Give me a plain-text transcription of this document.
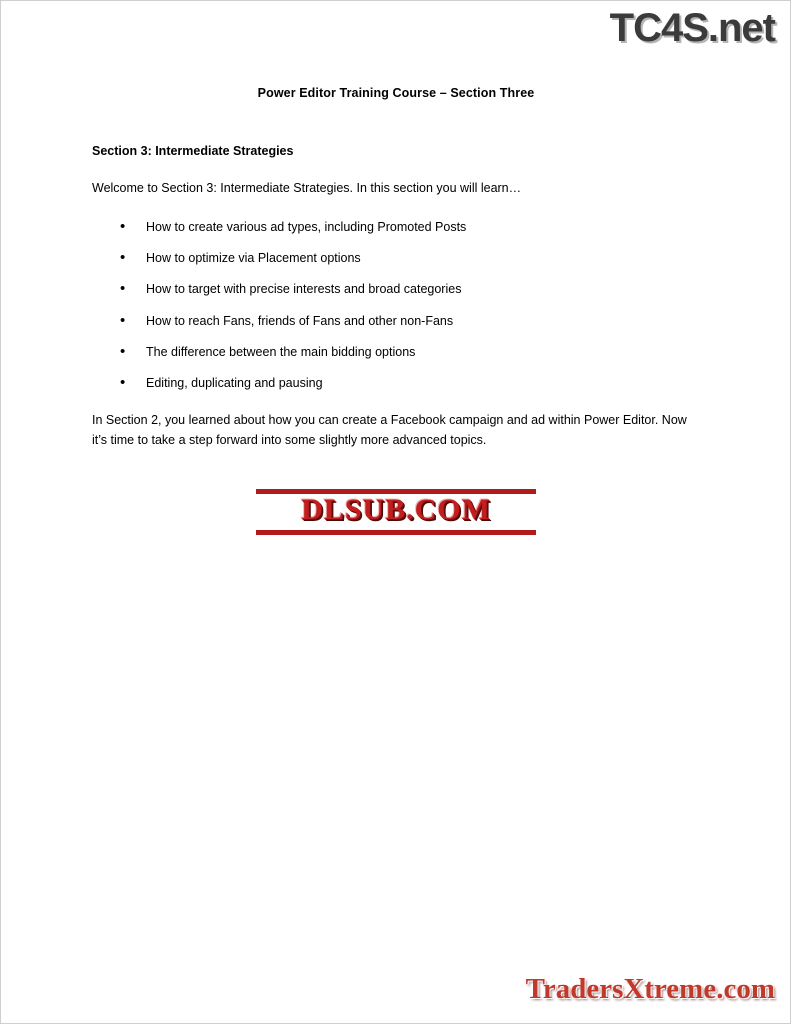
TC4S.net
Power Editor Training Course – Section Three
Section 3: Intermediate Strategies

Welcome to Section 3: Intermediate Strategies. In this section you will learn…

• How to create various ad types, including Promoted Posts
• How to optimize via Placement options
• How to target with precise interests and broad categories
• How to reach Fans, friends of Fans and other non-Fans
• The difference between the main bidding options
• Editing, duplicating and pausing

In Section 2, you learned about how you can create a Facebook campaign and ad within Power Editor. Now it’s time to take a step forward into some slightly more advanced topics.

DLSUB.COM
TradersXtreme.com
